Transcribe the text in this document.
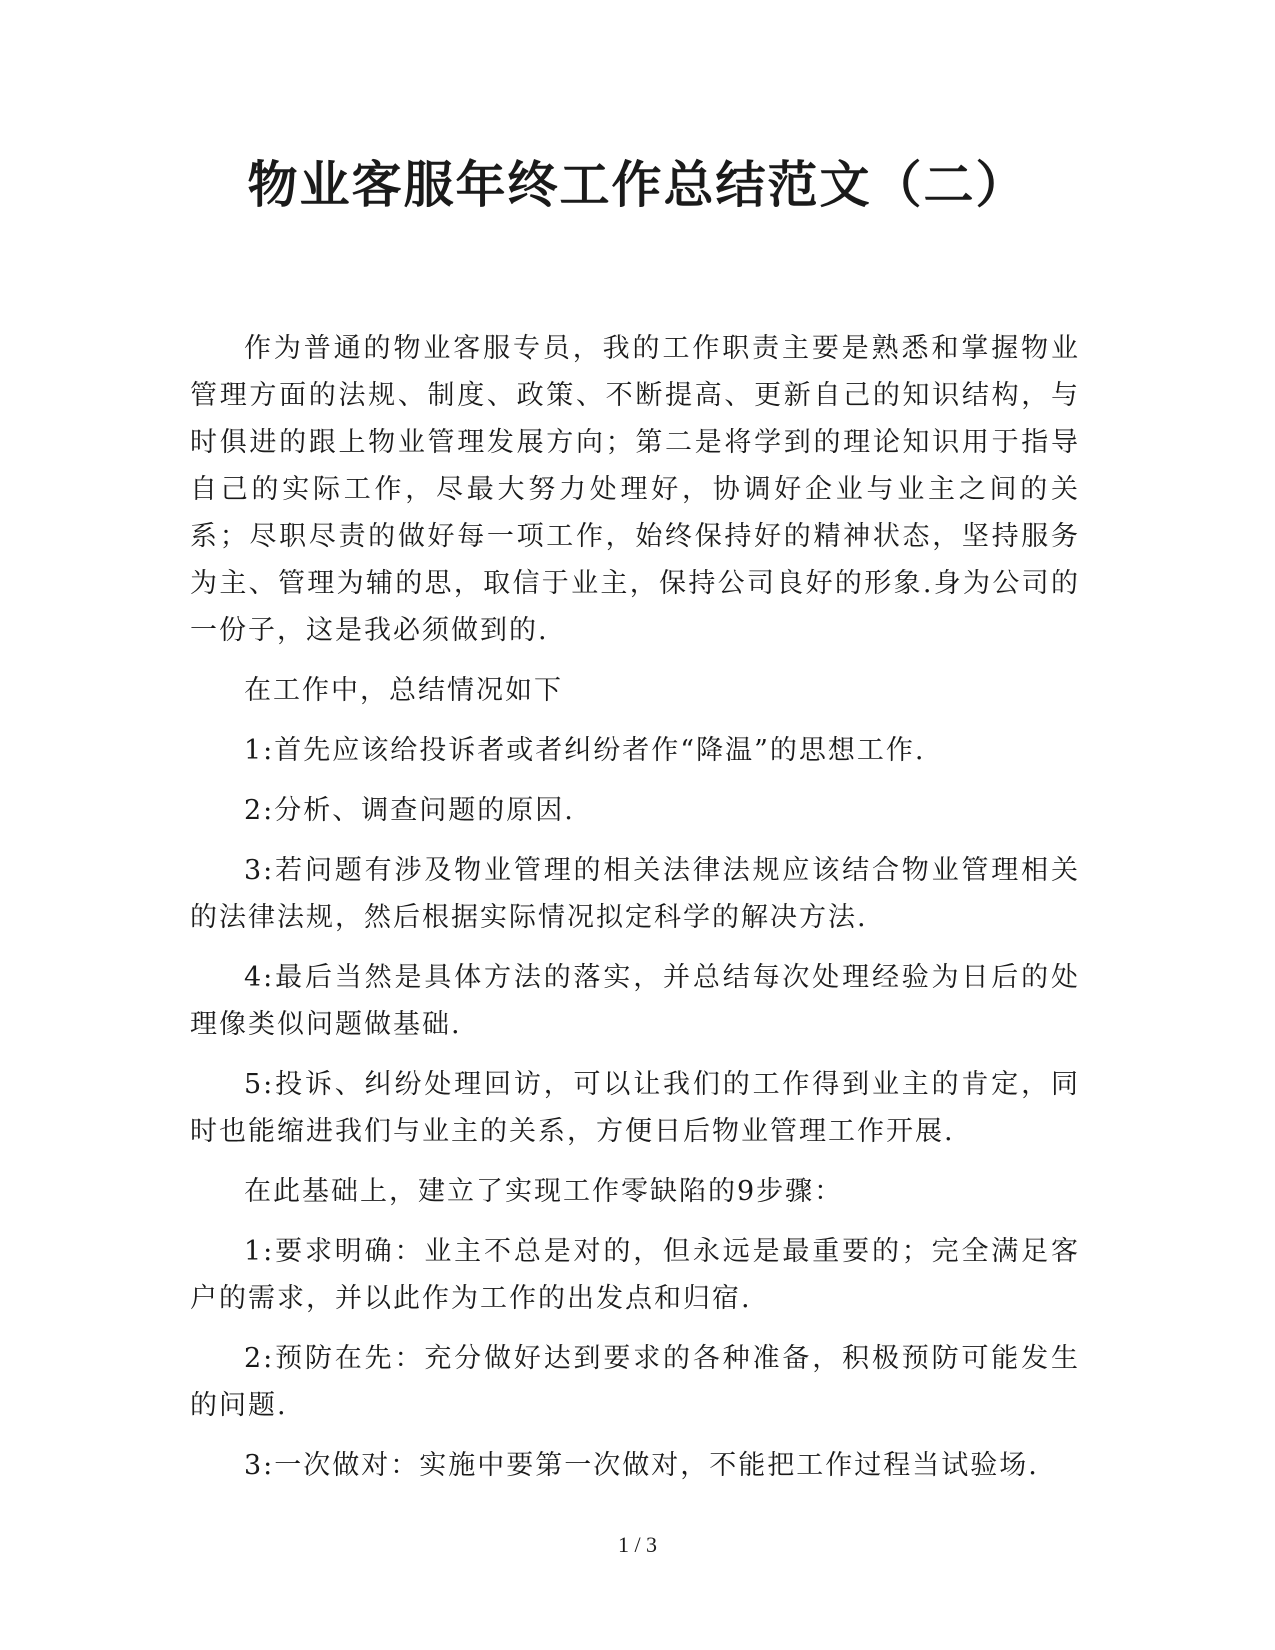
物业客服年终工作总结范文（二）

作为普通的物业客服专员，我的工作职责主要是熟悉和掌握物业管理方面的法规、制度、政策、不断提高、更新自己的知识结构，与时俱进的跟上物业管理发展方向；第二是将学到的理论知识用于指导自己的实际工作，尽最大努力处理好，协调好企业与业主之间的关系；尽职尽责的做好每一项工作，始终保持好的精神状态，坚持服务为主、管理为辅的思，取信于业主，保持公司良好的形象.身为公司的一份子，这是我必须做到的.

在工作中，总结情况如下

1:首先应该给投诉者或者纠纷者作“降温”的思想工作.

2:分析、调查问题的原因.

3:若问题有涉及物业管理的相关法律法规应该结合物业管理相关的法律法规，然后根据实际情况拟定科学的解决方法.

4:最后当然是具体方法的落实，并总结每次处理经验为日后的处理像类似问题做基础.

5:投诉、纠纷处理回访，可以让我们的工作得到业主的肯定，同时也能缩进我们与业主的关系，方便日后物业管理工作开展.

在此基础上，建立了实现工作零缺陷的9步骤：

1:要求明确：业主不总是对的，但永远是最重要的；完全满足客户的需求，并以此作为工作的出发点和归宿.

2:预防在先：充分做好达到要求的各种准备，积极预防可能发生的问题.

3:一次做对：实施中要第一次做对，不能把工作过程当试验场.

1 / 3
